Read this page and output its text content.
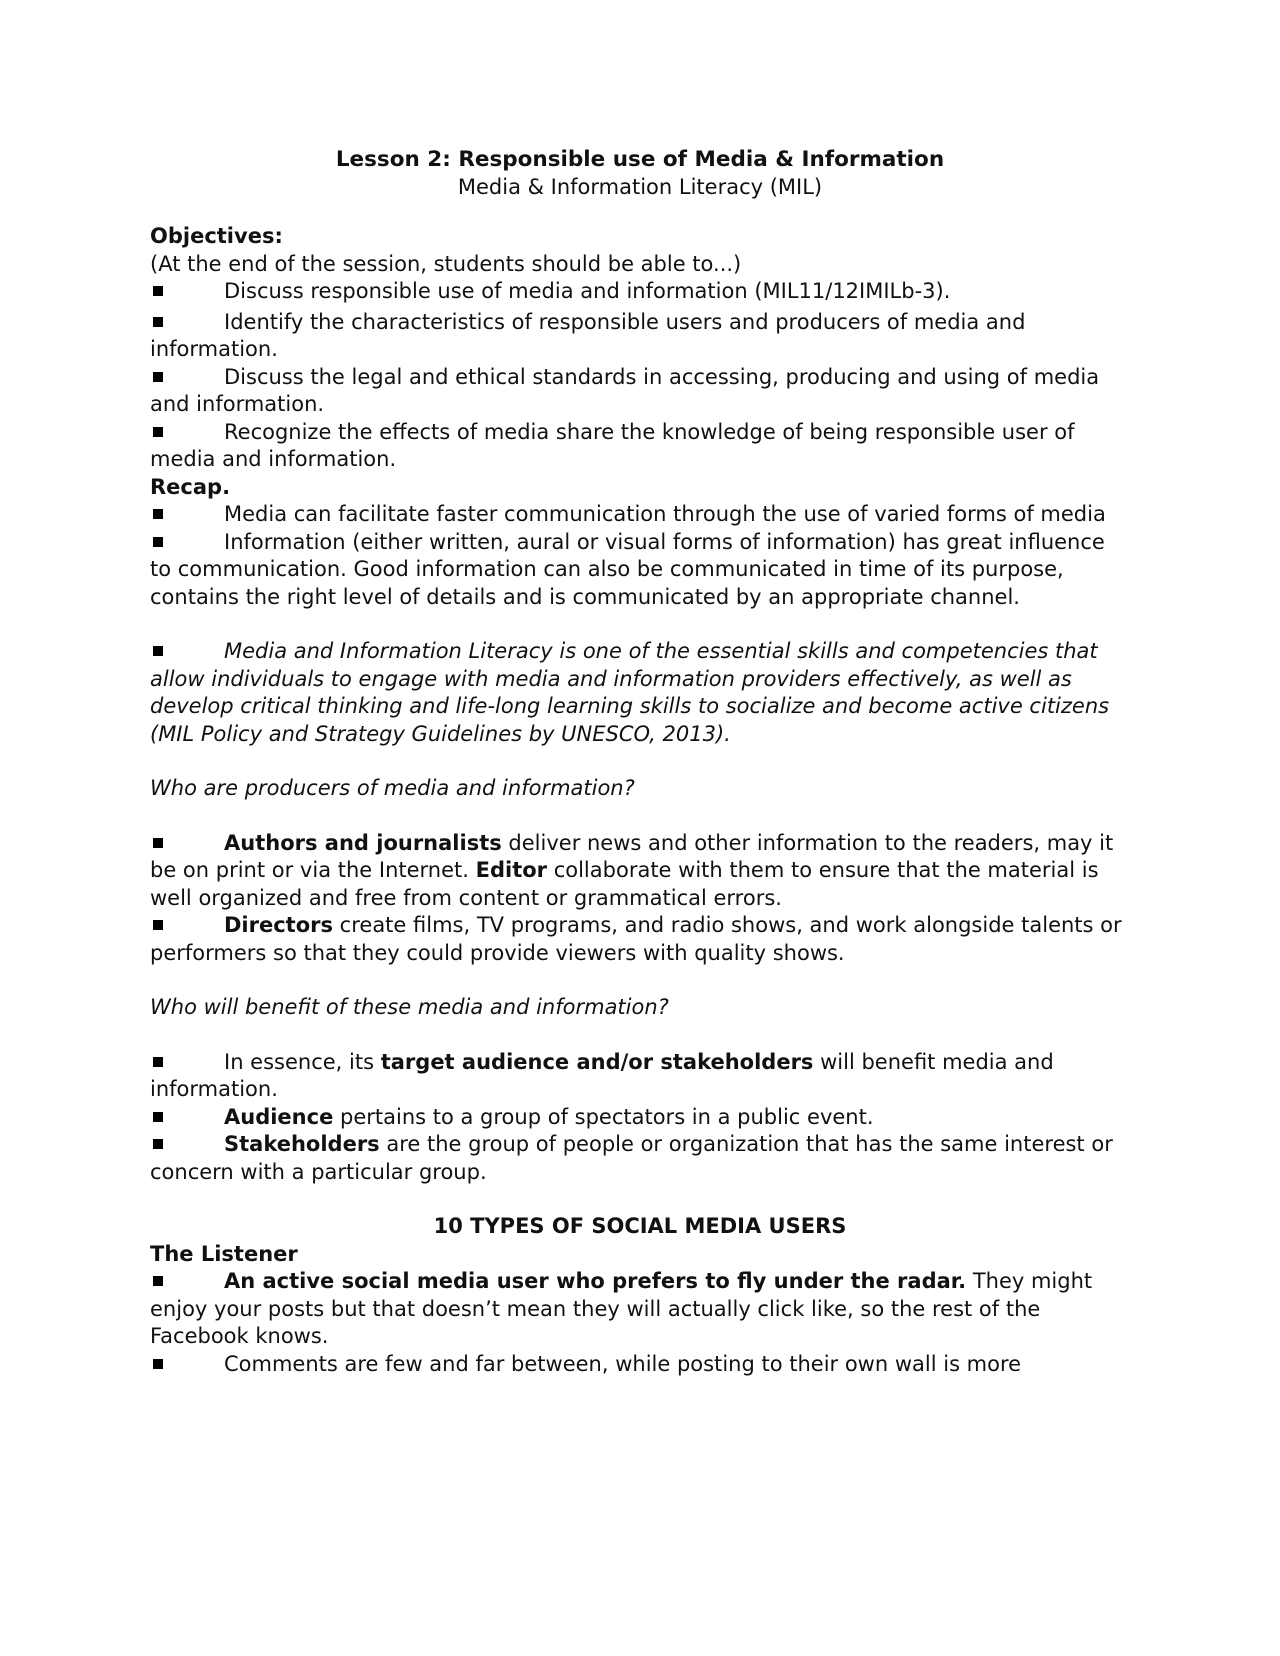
Lesson 2: Responsible use of Media & Information
Media & Information Literacy (MIL)
Objectives:
(At the end of the session, students should be able to...)
Discuss responsible use of media and information (MIL11/12IMILb-3).
Identify the characteristics of responsible users and producers of media and information.
Discuss the legal and ethical standards in accessing, producing and using of media and information.
Recognize the effects of media share the knowledge of being responsible user of media and information.
Recap.
Media can facilitate faster communication through the use of varied forms of media
Information (either written, aural or visual forms of information) has great influence to communication. Good information can also be communicated in time of its purpose, contains the right level of details and is communicated by an appropriate channel.
Media and Information Literacy is one of the essential skills and competencies that allow individuals to engage with media and information providers effectively, as well as develop critical thinking and life-long learning skills to socialize and become active citizens (MIL Policy and Strategy Guidelines by UNESCO, 2013).
Who are producers of media and information?
Authors and journalists deliver news and other information to the readers, may it be on print or via the Internet. Editor collaborate with them to ensure that the material is well organized and free from content or grammatical errors.
Directors create films, TV programs, and radio shows, and work alongside talents or performers so that they could provide viewers with quality shows.
Who will benefit of these media and information?
In essence, its target audience and/or stakeholders will benefit media and information.
Audience pertains to a group of spectators in a public event.
Stakeholders are the group of people or organization that has the same interest or concern with a particular group.
10 TYPES OF SOCIAL MEDIA USERS
The Listener
An active social media user who prefers to fly under the radar. They might enjoy your posts but that doesn’t mean they will actually click like, so the rest of the Facebook knows.
Comments are few and far between, while posting to their own wall is more
